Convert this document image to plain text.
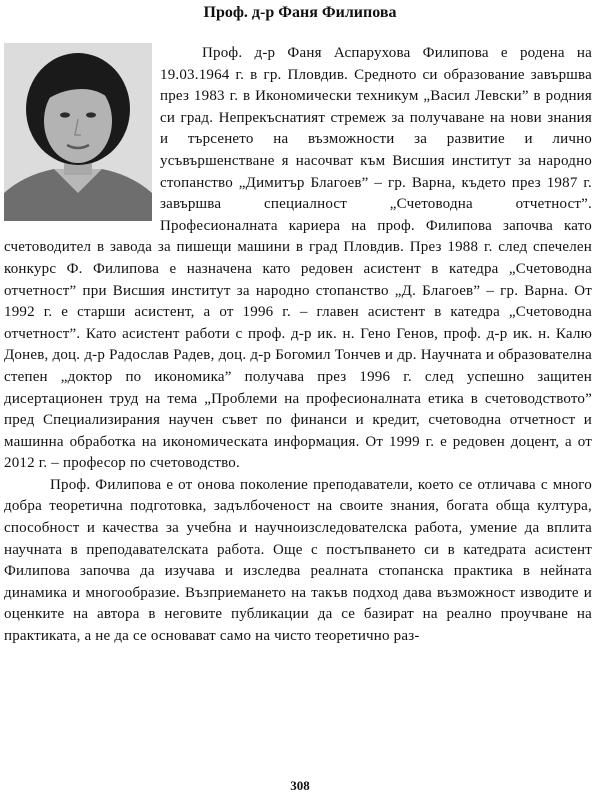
Проф. д-р Фаня Филипова

Проф. д-р Фаня Аспарухова Филипова е родена на 19.03.1964 г. в гр. Пловдив. Средното си образование завършва през 1983 г. в Икономически техникум „Васил Левски” в родния си град. Непрекъснатият стремеж за получаване на нови знания и търсенето на възможности за развитие и лично усъвършенстване я насочват към Висшия институт за народно стопанство „Димитър Благоев” – гр. Варна, където през 1987 г. завършва специалност „Счетоводна отчетност”. Професионалната кариера на проф. Филипова започва като счетоводител в завода за пишещи машини в град Пловдив. През 1988 г. след спечелен конкурс Ф. Филипова е назначена като редовен асистент в катедра „Счетоводна отчетност” при Висшия институт за народно стопанство „Д. Благоев” – гр. Варна. От 1992 г. е старши асистент, а от 1996 г. – главен асистент в катедра „Счетоводна отчетност”. Като асистент работи с проф. д-р ик. н. Гено Генов, проф. д-р ик. н. Калю Донев, доц. д-р Радослав Радев, доц. д-р Богомил Тончев и др. Научната и образователна степен „доктор по икономика” получава през 1996 г. след успешно защитен дисертационен труд на тема „Проблеми на професионалната етика в счетоводството” пред Специализирания научен съвет по финанси и кредит, счетоводна отчетност и машинна обработка на икономическата информация. От 1999 г. е редовен доцент, а от 2012 г. – професор по счетоводство.

Проф. Филипова е от онова поколение преподаватели, което се отличава с много добра теоретична подготовка, задълбоченост на своите знания, богата обща култура, способност и качества за учебна и научноизследователска работа, умение да вплита научната в преподавателската работа. Още с постъпването си в катедрата асистент Филипова започва да изучава и изследва реалната стопанска практика в нейната динамика и многообразие. Възприемането на такъв подход дава възможност изводите и оценките на автора в неговите публикации да се базират на реално проучване на практиката, а не да се основават само на чисто теоретично раз-

308
